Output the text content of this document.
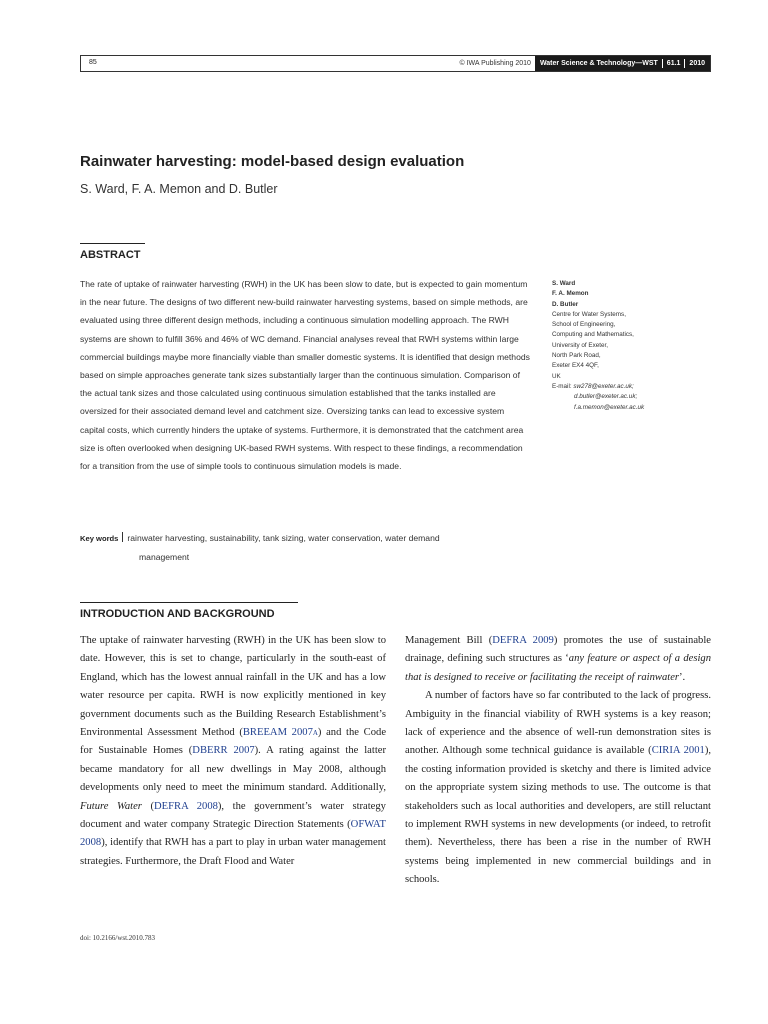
85	© IWA Publishing 2010	Water Science & Technology—WST 61.1 2010
Rainwater harvesting: model-based design evaluation
S. Ward, F. A. Memon and D. Butler
ABSTRACT

The rate of uptake of rainwater harvesting (RWH) in the UK has been slow to date, but is expected to gain momentum in the near future. The designs of two different new-build rainwater harvesting systems, based on simple methods, are evaluated using three different design methods, including a continuous simulation modelling approach. The RWH systems are shown to fulfill 36% and 46% of WC demand. Financial analyses reveal that RWH systems within large commercial buildings maybe more financially viable than smaller domestic systems. It is identified that design methods based on simple approaches generate tank sizes substantially larger than the continuous simulation. Comparison of the actual tank sizes and those calculated using continuous simulation established that the tanks installed are oversized for their associated demand level and catchment size. Oversizing tanks can lead to excessive system capital costs, which currently hinders the uptake of systems. Furthermore, it is demonstrated that the catchment area size is often overlooked when designing UK-based RWH systems. With respect to these findings, a recommendation for a transition from the use of simple tools to continuous simulation models is made.

Key words rainwater harvesting, sustainability, tank sizing, water conservation, water demand
management
S. Ward
F. A. Memon
D. Butler
Centre for Water Systems,
School of Engineering,
Computing and Mathematics,
University of Exeter,
North Park Road,
Exeter EX4 4QF,
UK
E-mail: sw278@exeter.ac.uk;
d.butler@exeter.ac.uk;
f.a.memon@exeter.ac.uk
INTRODUCTION AND BACKGROUND

The uptake of rainwater harvesting (RWH) in the UK has been slow to date. However, this is set to change, particularly in the south-east of England, which has the lowest annual rainfall in the UK and has a low water resource per capita. RWH is now explicitly mentioned in key government documents such as the Building Research Establishment’s Environmental Assessment Method (BREEAM 2007a) and the Code for Sustainable Homes (DBERR 2007). A rating against the latter became mandatory for all new dwellings in May 2008, although developments only need to meet the minimum standard. Additionally, Future Water (DEFRA 2008), the government’s water strategy document and water company Strategic Direction Statements (OFWAT 2008), identify that RWH has a part to play in urban water management strategies. Furthermore, the Draft Flood and Water

Management Bill (DEFRA 2009) promotes the use of sustainable drainage, defining such structures as ‘any feature or aspect of a design that is designed to receive or facilitating the receipt of rainwater’.

A number of factors have so far contributed to the lack of progress. Ambiguity in the financial viability of RWH systems is a key reason; lack of experience and the absence of well-run demonstration sites is another. Although some technical guidance is available (CIRIA 2001), the costing information provided is sketchy and there is limited advice on the appropriate system sizing methods to use. The outcome is that stakeholders such as local authorities and developers, are still reluctant to implement RWH systems in new developments (or indeed, to retrofit them). Nevertheless, there has been a rise in the number of RWH systems being implemented in new commercial buildings and in schools.

doi: 10.2166/wst.2010.783
